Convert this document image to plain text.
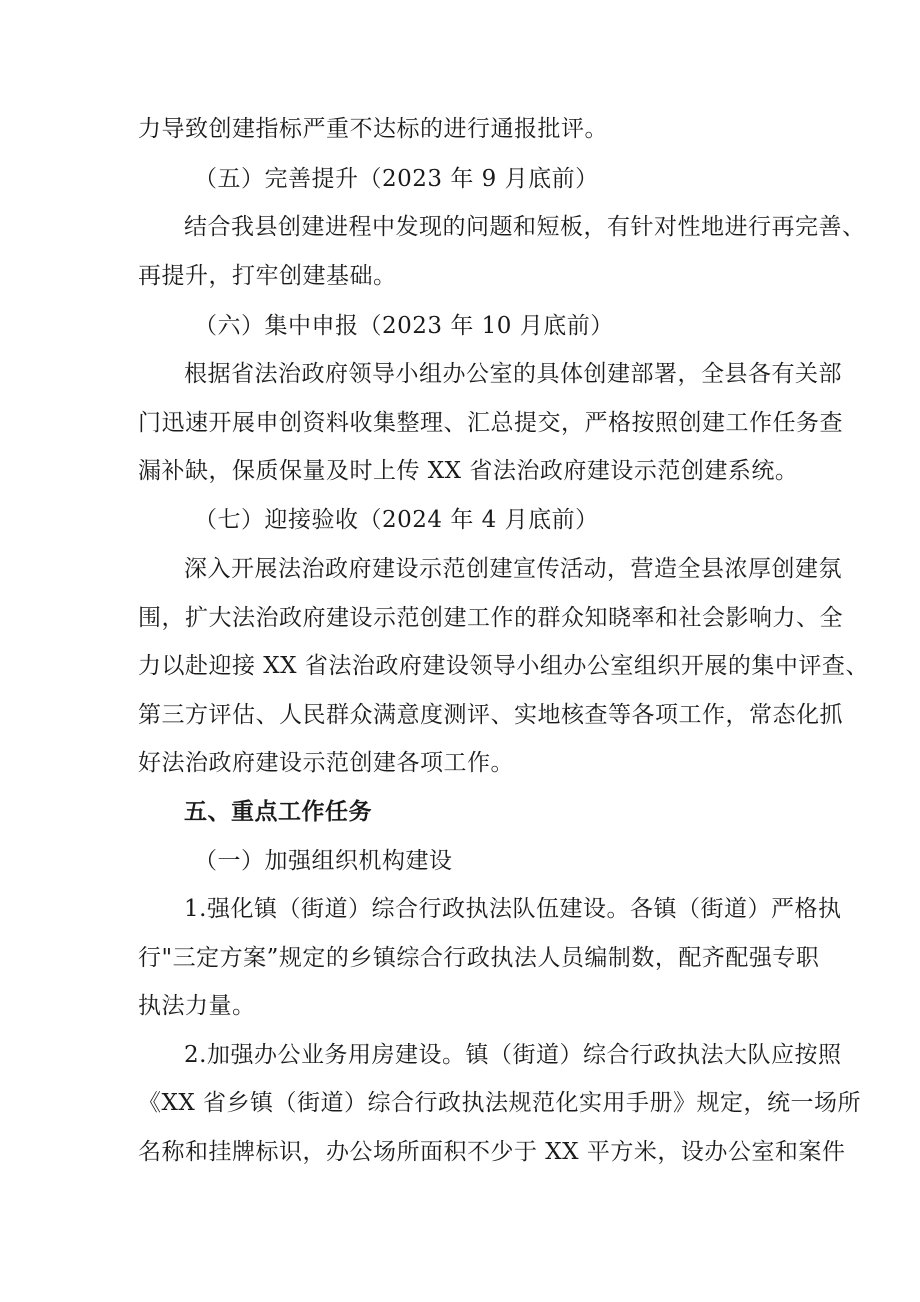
力导致创建指标严重不达标的进行通报批评。
（五）完善提升（2023 年 9 月底前）
结合我县创建进程中发现的问题和短板，有针对性地进行再完善、
再提升，打牢创建基础。
（六）集中申报（2023 年 10 月底前）
根据省法治政府领导小组办公室的具体创建部署，全县各有关部
门迅速开展申创资料收集整理、汇总提交，严格按照创建工作任务查
漏补缺，保质保量及时上传 XX 省法治政府建设示范创建系统。
（七）迎接验收（2024 年 4 月底前）
深入开展法治政府建设示范创建宣传活动，营造全县浓厚创建氛
围，扩大法治政府建设示范创建工作的群众知晓率和社会影响力、全
力以赴迎接 XX 省法治政府建设领导小组办公室组织开展的集中评查、
第三方评估、人民群众满意度测评、实地核查等各项工作，常态化抓
好法治政府建设示范创建各项工作。
五、重点工作任务
（一）加强组织机构建设
1.强化镇（街道）综合行政执法队伍建设。各镇（街道）严格执
行"三定方案”规定的乡镇综合行政执法人员编制数，配齐配强专职
执法力量。
2.加强办公业务用房建设。镇（街道）综合行政执法大队应按照
《XX 省乡镇（街道）综合行政执法规范化实用手册》规定，统一场所
名称和挂牌标识，办公场所面积不少于 XX 平方米，设办公室和案件
